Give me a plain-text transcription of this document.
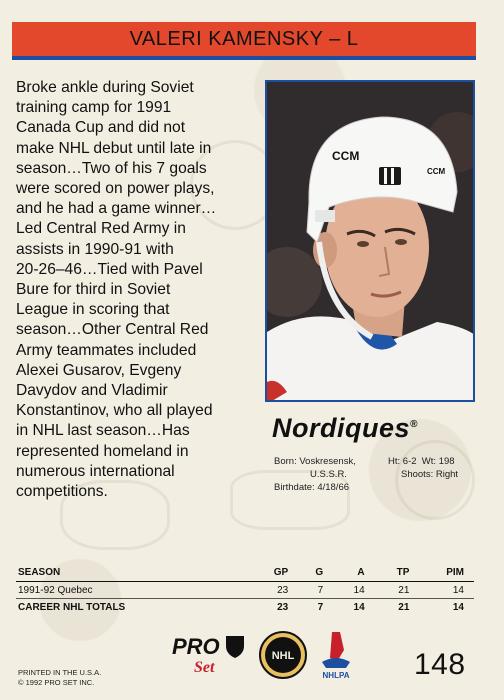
VALERI KAMENSKY – L
Broke ankle during Soviet
training camp for 1991
Canada Cup and did not
make NHL debut until late in
season…Two of his 7 goals
were scored on power plays,
and he had a game winner…
Led Central Red Army in
assists in 1990-91 with
20-26–46…Tied with Pavel
Bure for third in Soviet
League in scoring that
season…Other Central Red
Army teammates included
Alexei Gusarov, Evgeny
Davydov and Vladimir
Konstantinov, who all played
in NHL last season…Has
represented homeland in
numerous international
competitions.
CCM
CCM
Nordiques®
Born: Voskresensk,
U.S.S.R.
Birthdate: 4/18/66
Ht: 6-2 Wt: 198
Shoots: Right
SEASON	GP	G	A	TP	PIM
1991-92 Quebec	23	7	14	21	14
CAREER NHL TOTALS	23	7	14	21	14
PRINTED IN THE U.S.A.
© 1992 PRO SET INC.
PRO
Set
NHL
NHLPA 148
